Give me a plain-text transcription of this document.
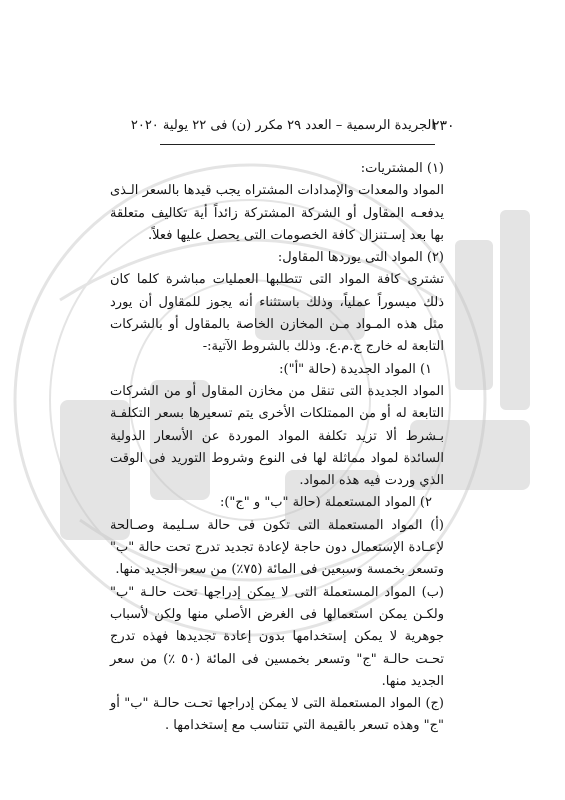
٢٣٠
الجريدة الرسمية – العدد ٢٩ مكرر (ن) فى ٢٢ يولية ٢٠٢٠

(١) المشتريات:

المواد والمعدات والإمدادات المشتراه يجب قيدها بالسعر الـذى يدفعـه المقاول أو الشركة المشتركة زائداً أية تكاليف متعلقة بها بعد إسـتنزال كافة الخصومات التى يحصل عليها فعلاً.

(٢) المواد التى يوردها المقاول:

تشترى كافة المواد التى تتطلبها العمليات مباشرة كلما كان ذلك ميسوراً عملياً، وذلك باستثناء أنه يجوز للمقاول أن يورد مثل هذه المـواد مـن المخازن الخاصة بالمقاول أو بالشركات التابعة له خارج ج.م.ع. وذلك بالشروط الآتية:-

١) المواد الجديدة (حالة "أ"):

المواد الجديدة التى تنقل من مخازن المقاول أو من الشركات التابعة له أو من الممتلكات الأخرى يتم تسعيرها بسعر التكلفـة بـشرط ألا تزيد تكلفة المواد الموردة عن الأسعار الدولية السائدة لمواد مماثلة لها فى النوع وشروط التوريد فى الوقت الذي وردت فيه هذه المواد.

٢) المواد المستعملة (حالة "ب" و "ج"):

(أ) المواد المستعملة التى تكون فى حالة سـليمة وصـالحة لإعـادة الإستعمال دون حاجة لإعادة تجديد تدرج تحت حالة "ب" وتسعر بخمسة وسبعين فى المائة (٧٥٪) من سعر الجديد منها.

(ب) المواد المستعملة التى لا يمكن إدراجها تحت حالـة "ب" ولكـن يمكن استعمالها فى الغرض الأصلي منها ولكن لأسباب جوهرية لا يمكن إستخدامها بدون إعادة تجديدها فهذه تدرج تحـت حالـة "ج" وتسعر بخمسين فى المائة (٥٠ ٪) من سعر الجديد منها.

(ج) المواد المستعملة التى لا يمكن إدراجها تحـت حالـة "ب" أو "ج" وهذه تسعر بالقيمة التي تتناسب مع إستخدامها .
